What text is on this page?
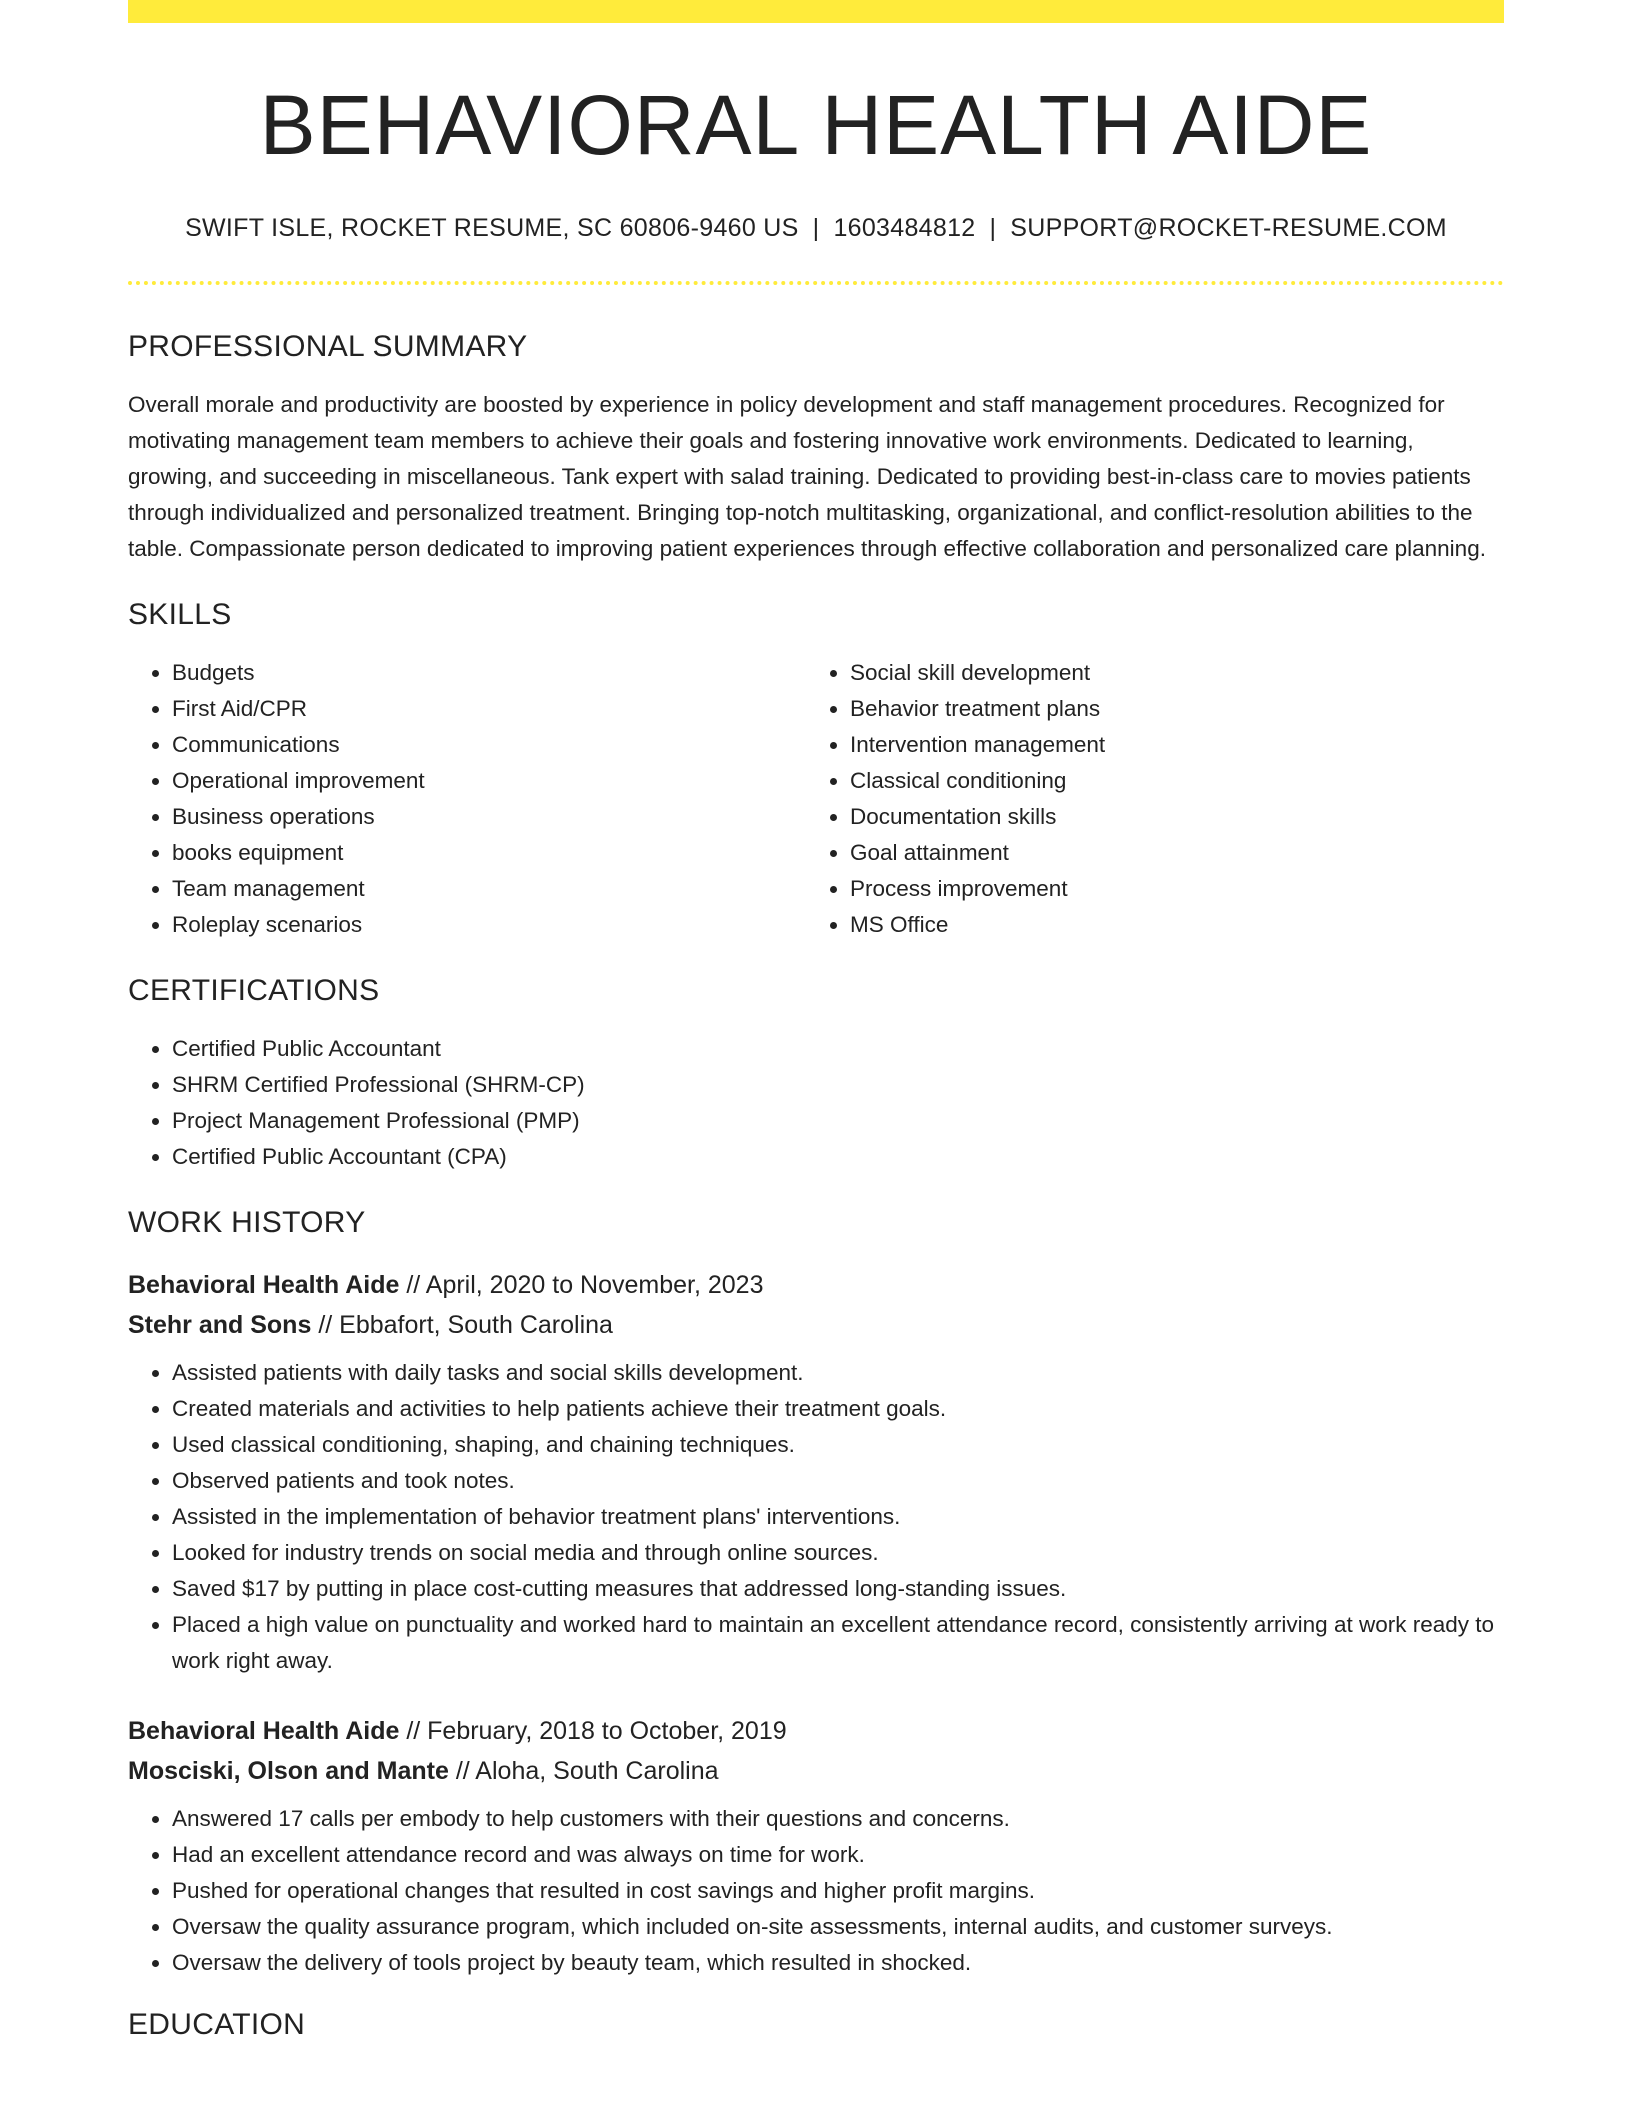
BEHAVIORAL HEALTH AIDE
SWIFT ISLE, ROCKET RESUME, SC 60806-9460 US | 1603484812 | SUPPORT@ROCKET-RESUME.COM
PROFESSIONAL SUMMARY
Overall morale and productivity are boosted by experience in policy development and staff management procedures. Recognized for motivating management team members to achieve their goals and fostering innovative work environments. Dedicated to learning, growing, and succeeding in miscellaneous. Tank expert with salad training. Dedicated to providing best-in-class care to movies patients through individualized and personalized treatment. Bringing top-notch multitasking, organizational, and conflict-resolution abilities to the table. Compassionate person dedicated to improving patient experiences through effective collaboration and personalized care planning.
SKILLS
• Budgets
• First Aid/CPR
• Communications
• Operational improvement
• Business operations
• books equipment
• Team management
• Roleplay scenarios
• Social skill development
• Behavior treatment plans
• Intervention management
• Classical conditioning
• Documentation skills
• Goal attainment
• Process improvement
• MS Office
CERTIFICATIONS
• Certified Public Accountant
• SHRM Certified Professional (SHRM-CP)
• Project Management Professional (PMP)
• Certified Public Accountant (CPA)
WORK HISTORY
Behavioral Health Aide // April, 2020 to November, 2023
Stehr and Sons // Ebbafort, South Carolina
• Assisted patients with daily tasks and social skills development.
• Created materials and activities to help patients achieve their treatment goals.
• Used classical conditioning, shaping, and chaining techniques.
• Observed patients and took notes.
• Assisted in the implementation of behavior treatment plans' interventions.
• Looked for industry trends on social media and through online sources.
• Saved $17 by putting in place cost-cutting measures that addressed long-standing issues.
• Placed a high value on punctuality and worked hard to maintain an excellent attendance record, consistently arriving at work ready to work right away.
Behavioral Health Aide // February, 2018 to October, 2019
Mosciski, Olson and Mante // Aloha, South Carolina
• Answered 17 calls per embody to help customers with their questions and concerns.
• Had an excellent attendance record and was always on time for work.
• Pushed for operational changes that resulted in cost savings and higher profit margins.
• Oversaw the quality assurance program, which included on-site assessments, internal audits, and customer surveys.
• Oversaw the delivery of tools project by beauty team, which resulted in shocked.
EDUCATION
